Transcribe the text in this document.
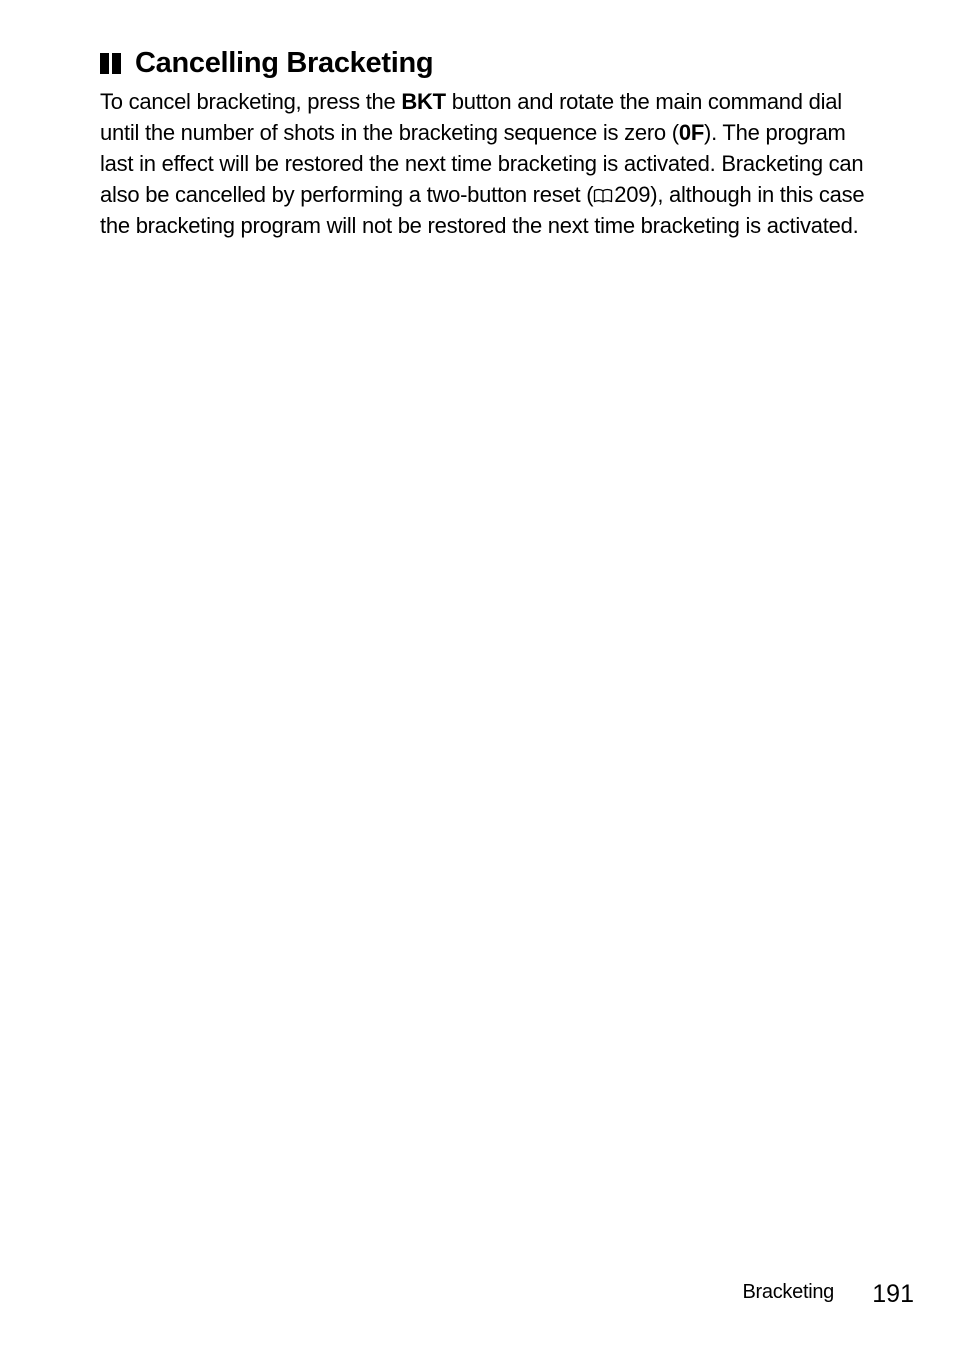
Cancelling Bracketing

To cancel bracketing, press the BKT button and rotate the main command dial until the number of shots in the bracketing sequence is zero (0F). The program last in effect will be restored the next time bracketing is activated. Bracketing can also be cancelled by performing a two-button reset ( 209), although in this case the bracketing program will not be restored the next time bracketing is activated.

Bracketing 191
